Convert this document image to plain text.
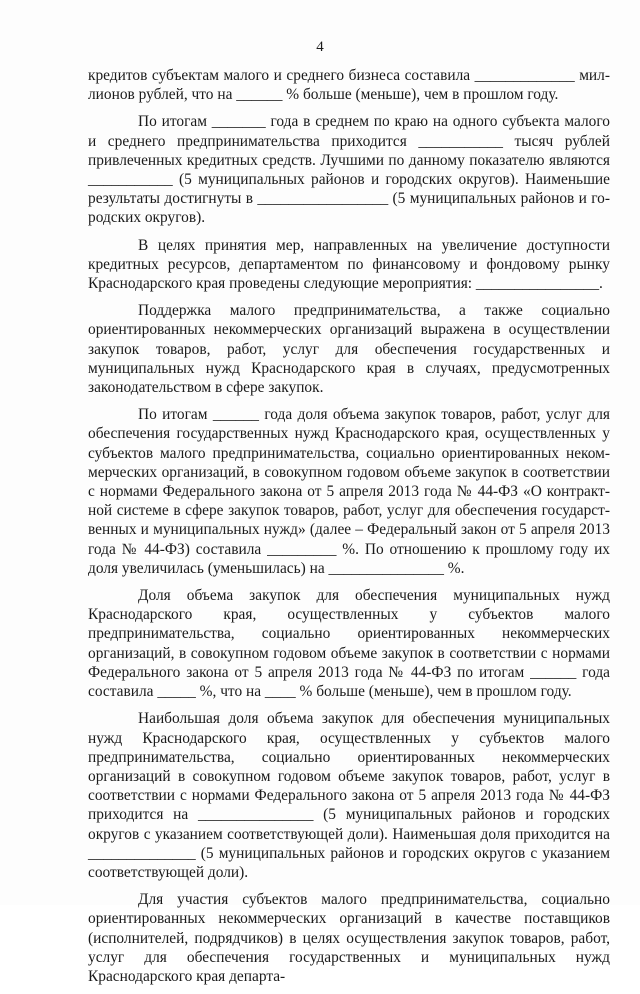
4

кредитов субъектам малого и среднего бизнеса составила _____________ миллионов рублей, что на ______ % больше (меньше), чем в прошлом году.

По итогам _______ года в среднем по краю на одного субъекта малого и среднего предпринимательства приходится ___________ тысяч рублей привлеченных кредитных средств. Лучшими по данному показателю являются ___________ (5 муниципальных районов и городских округов). Наименьшие результаты достигнуты в _________________ (5 муниципальных районов и городских округов).

В целях принятия мер, направленных на увеличение доступности кредитных ресурсов, департаментом по финансовому и фондовому рынку Краснодарского края проведены следующие мероприятия: ________________.

Поддержка малого предпринимательства, а также социально ориентированных некоммерческих организаций выражена в осуществлении закупок товаров, работ, услуг для обеспечения государственных и муниципальных нужд Краснодарского края в случаях, предусмотренных законодательством в сфере закупок.

По итогам ______ года доля объема закупок товаров, работ, услуг для обеспечения государственных нужд Краснодарского края, осуществленных у субъектов малого предпринимательства, социально ориентированных некоммерческих организаций, в совокупном годовом объеме закупок в соответствии с нормами Федерального закона от 5 апреля 2013 года № 44-ФЗ «О контрактной системе в сфере закупок товаров, работ, услуг для обеспечения государственных и муниципальных нужд» (далее – Федеральный закон от 5 апреля 2013 года № 44-ФЗ) составила _________ %. По отношению к прошлому году их доля увеличилась (уменьшилась) на _______________ %.

Доля объема закупок для обеспечения муниципальных нужд Краснодарского края, осуществленных у субъектов малого предпринимательства, социально ориентированных некоммерческих организаций, в совокупном годовом объеме закупок в соответствии с нормами Федерального закона от 5 апреля 2013 года № 44-ФЗ по итогам ______ года составила _____ %, что на ____ % больше (меньше), чем в прошлом году.

Наибольшая доля объема закупок для обеспечения муниципальных нужд Краснодарского края, осуществленных у субъектов малого предпринимательства, социально ориентированных некоммерческих организаций в совокупном годовом объеме закупок товаров, работ, услуг в соответствии с нормами Федерального закона от 5 апреля 2013 года № 44-ФЗ приходится на _______________ (5 муниципальных районов и городских округов с указанием соответствующей доли). Наименьшая доля приходится на ______________ (5 муниципальных районов и городских округов с указанием соответствующей доли).

Для участия субъектов малого предпринимательства, социально ориентированных некоммерческих организаций в качестве поставщиков (исполнителей, подрядчиков) в целях осуществления закупок товаров, работ, услуг для обеспечения государственных и муниципальных нужд Краснодарского края департа-
